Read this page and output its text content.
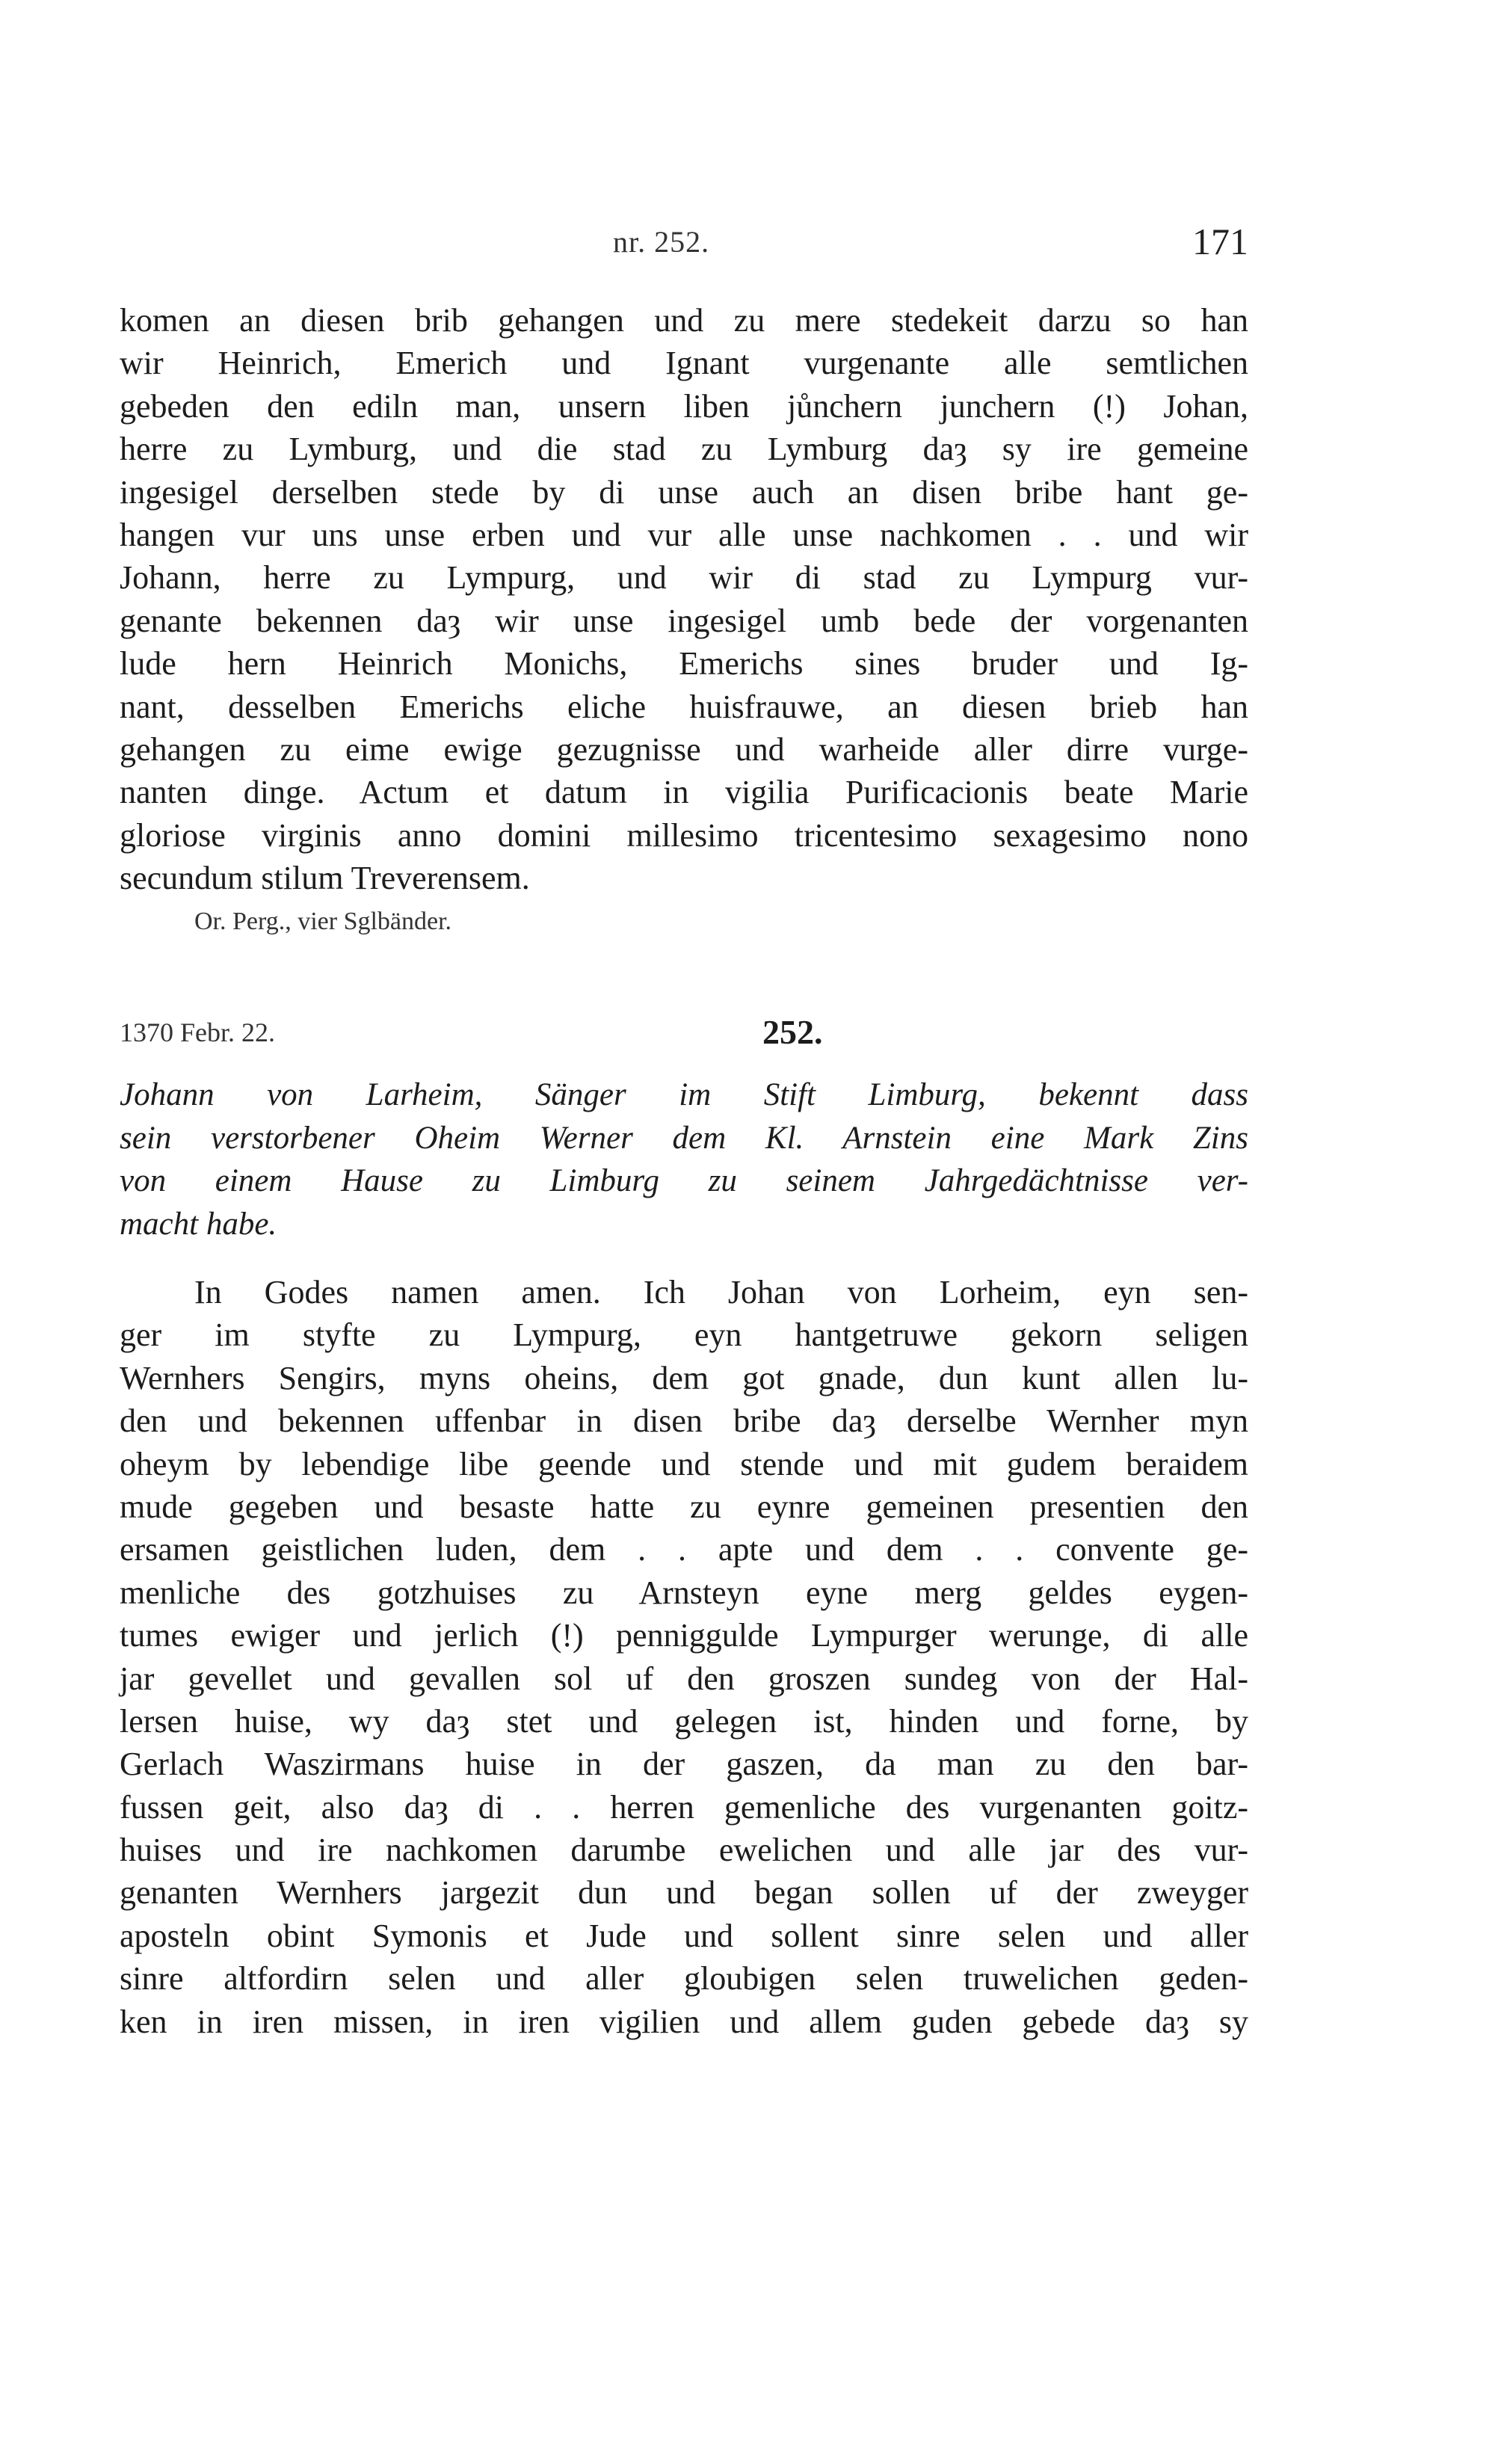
nr. 252.	171
komen an diesen brib gehangen und zu mere stedekeit darzu so han
wir Heinrich, Emerich und Ignant vurgenante alle semtlichen
gebeden den ediln man, unsern liben jůnchern junchern (!) Johan,
herre zu Lymburg, und die stad zu Lymburg daȝ sy ire gemeine
ingesigel derselben stede by di unse auch an disen bribe hant ge-
hangen vur uns unse erben und vur alle unse nachkomen . . und wir
Johann, herre zu Lympurg, und wir di stad zu Lympurg vur-
genante bekennen daȝ wir unse ingesigel umb bede der vorgenanten
lude hern Heinrich Monichs, Emerichs sines bruder und Ig-
nant, desselben Emerichs eliche huisfrauwe, an diesen brieb han
gehangen zu eime ewige gezugnisse und warheide aller dirre vurge-
nanten dinge. Actum et datum in vigilia Purificacionis beate Marie
gloriose virginis anno domini millesimo tricentesimo sexagesimo nono
secundum stilum Treverensem.
Or. Perg., vier Sglbänder.
1370 Febr. 22.	252.
Johann von Larheim, Sänger im Stift Limburg, bekennt dass
sein verstorbener Oheim Werner dem Kl. Arnstein eine Mark Zins
von einem Hause zu Limburg zu seinem Jahrgedächtnisse ver-
macht habe.
In Godes namen amen. Ich Johan von Lorheim, eyn sen-
ger im styfte zu Lympurg, eyn hantgetruwe gekorn seligen
Wernhers Sengirs, myns oheins, dem got gnade, dun kunt allen lu-
den und bekennen uffenbar in disen bribe daȝ derselbe Wernher myn
oheym by lebendige libe geende und stende und mit gudem beraidem
mude gegeben und besaste hatte zu eynre gemeinen presentien den
ersamen geistlichen luden, dem . . apte und dem . . convente ge-
menliche des gotzhuises zu Arnsteyn eyne merg geldes eygen-
tumes ewiger und jerlich (!) penniggulde Lympurger werunge, di alle
jar gevellet und gevallen sol uf den groszen sundeg von der Hal-
lersen huise, wy daȝ stet und gelegen ist, hinden und forne, by
Gerlach Waszirmans huise in der gaszen, da man zu den bar-
fussen geit, also daȝ di . . herren gemenliche des vurgenanten goitz-
huises und ire nachkomen darumbe ewelichen und alle jar des vur-
genanten Wernhers jargezit dun und began sollen uf der zweyger
aposteln obint Symonis et Jude und sollent sinre selen und aller
sinre altfordirn selen und aller gloubigen selen truwelichen geden-
ken in iren missen, in iren vigilien und allem guden gebede daȝ sy
